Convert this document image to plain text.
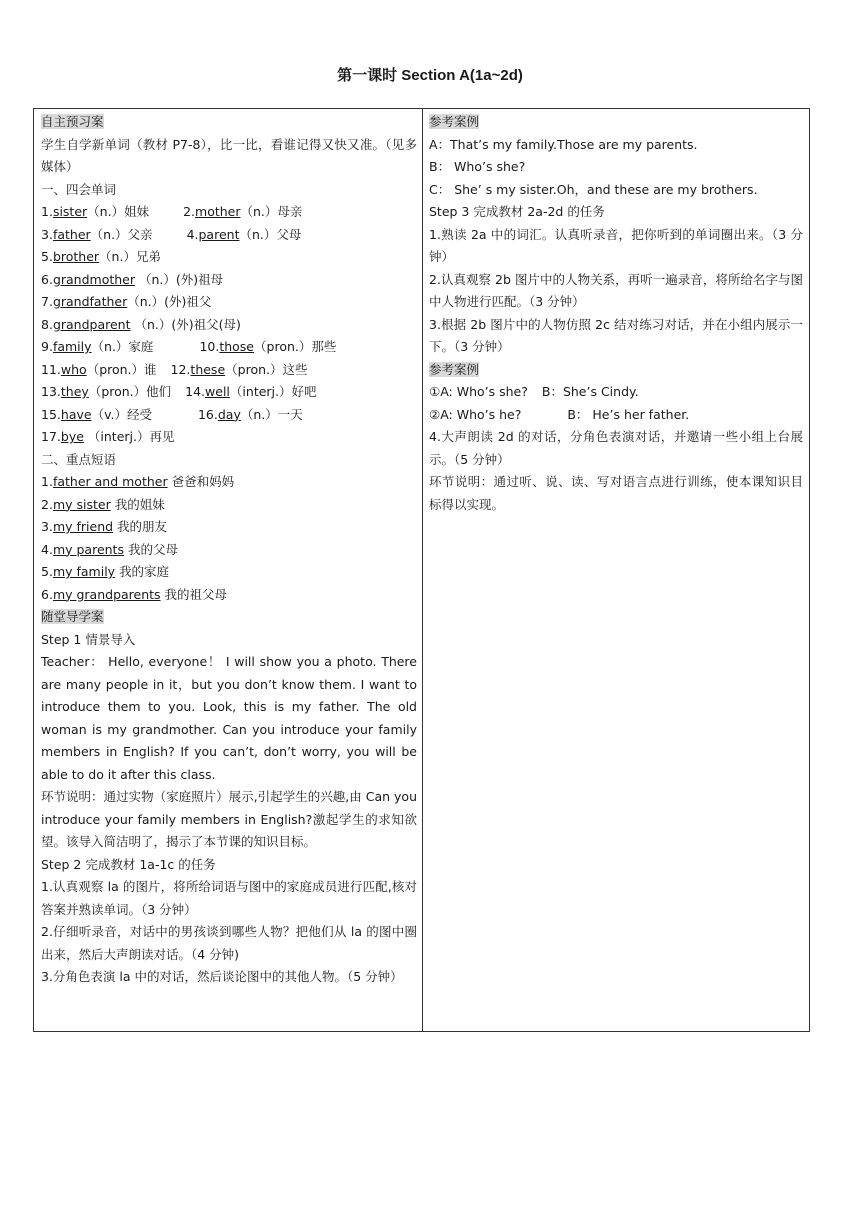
第一课时 Section A(1a~2d)
自主预习案
学生自学新单词（教材 P7-8），比一比，看谁记得又快又准。（见多媒体）
一、四会单词
1.sister（n.）姐妹	2.mother（n.）母亲
3.father（n.）父亲	4.parent（n.）父母
5.brother（n.）兄弟
6.grandmother （n.）(外)祖母
7.grandfather（n.）(外)祖父
8.grandparent （n.）(外)祖父(母)
9.family（n.）家庭	10.those（pron.）那些
11.who（pron.）谁 12.these（pron.）这些
13.they（pron.）他们 14.well（interj.）好吧
15.have（v.）经受	16.day（n.）一天
17.bye （interj.）再见
二、重点短语
1.father and mother 爸爸和妈妈
2.my sister 我的姐妹
3.my friend 我的朋友
4.my parents 我的父母
5.my family 我的家庭
6.my grandparents 我的祖父母
随堂导学案
Step 1 情景导入
Teacher： Hello, everyone！ I will show you a photo. There are many people in it，but you don’t know them. I want to introduce them to you. Look, this is my father. The old woman is my grandmother. Can you introduce your family members in English? If you can’t, don’t worry, you will be able to do it after this class.
环节说明：通过实物（家庭照片）展示,引起学生的兴趣,由 Can you introduce your family members in English?激起学生的求知欲望。该导入简洁明了，揭示了本节课的知识目标。
Step 2 完成教材 1a-1c 的任务
1.认真观察 la 的图片，将所给词语与图中的家庭成员进行匹配,核对答案并熟读单词。（3 分钟）
2.仔细听录音，对话中的男孩谈到哪些人物？把他们从 la 的图中圈出来，然后大声朗读对话。（4 分钟)
3.分角色表演 la 中的对话，然后谈论图中的其他人物。（5 分钟）
参考案例
A：That’s my family.Those are my parents.
B： Who’s she?
C： She’ s my sister.Oh，and these are my brothers.
Step 3 完成教材 2a-2d 的任务
1.熟读 2a 中的词汇。认真听录音，把你听到的单词圈出来。（3 分钟）
2.认真观察 2b 图片中的人物关系，再听一遍录音，将所给名字与图中人物进行匹配。（3 分钟）
3.根据 2b 图片中的人物仿照 2c 结对练习对话，并在小组内展示一下。（3 分钟）
参考案例
①A: Who’s she? B：She’s Cindy.
②A: Who’s he?	B： He’s her father.
4.大声朗读 2d 的对话，分角色表演对话，并邀请一些小组上台展示。（5 分钟）
环节说明：通过听、说、读、写对语言点进行训练，使本课知识目标得以实现。
